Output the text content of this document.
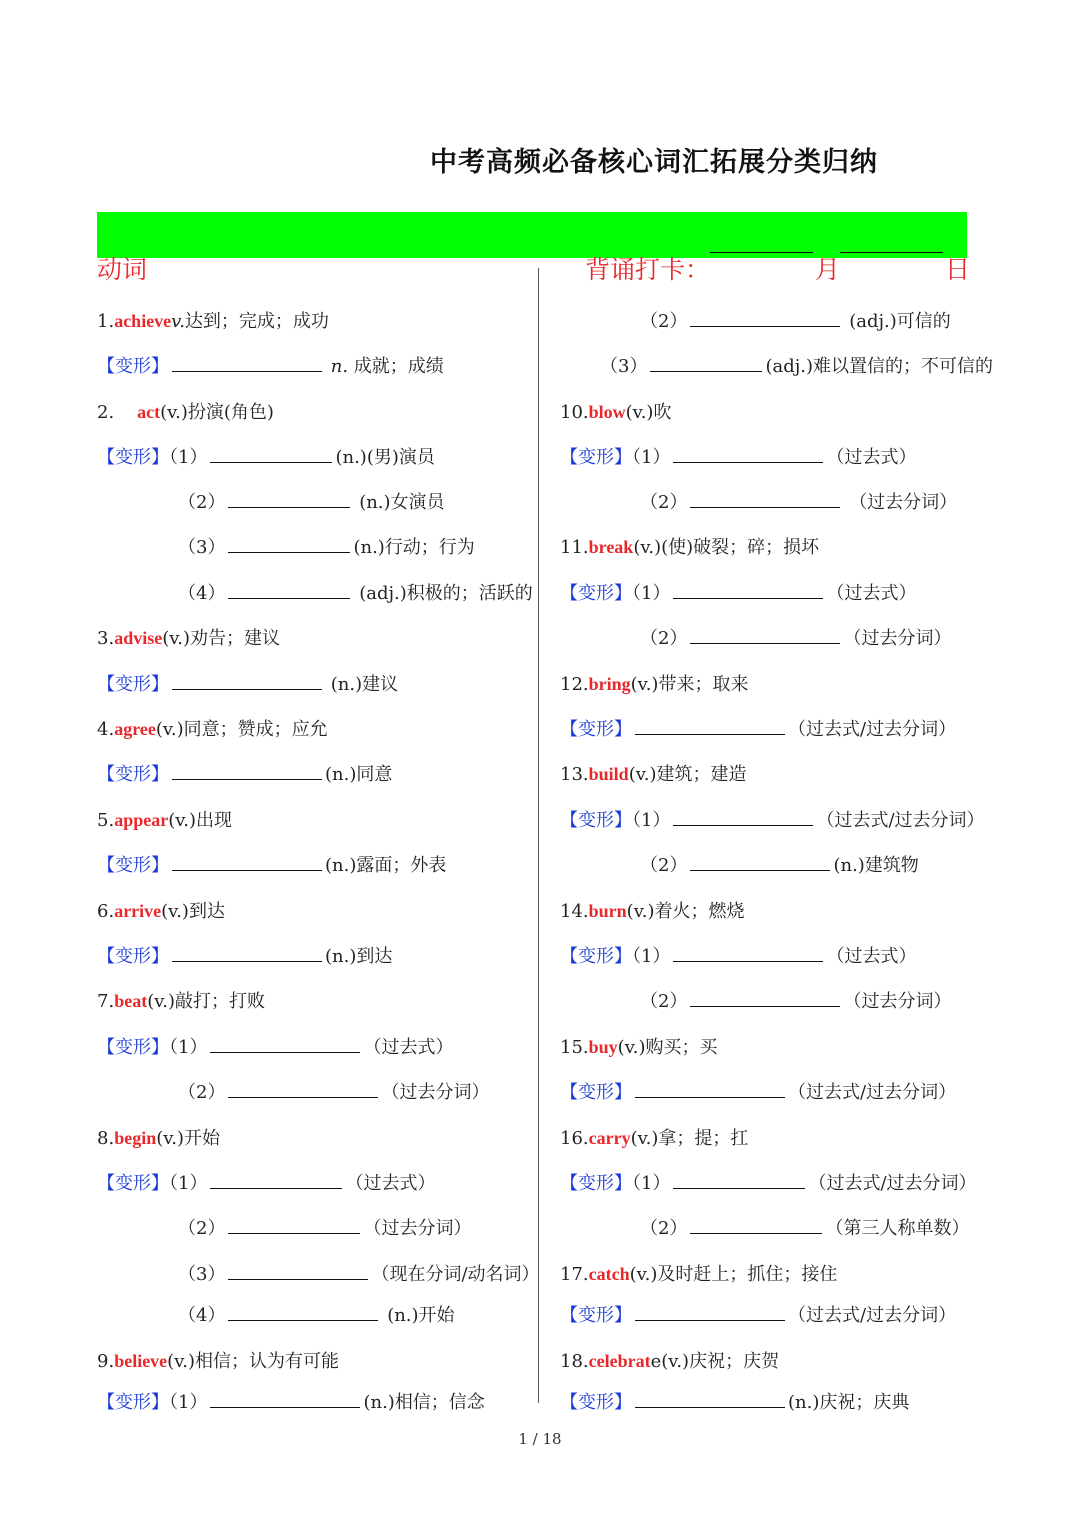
中考高频必备核心词汇拓展分类归纳
动词	背诵打卡：	月	日
1.achievev.达到；完成；成功
【变形】	n. 成就；成绩
2. act(v.)扮演(角色)
【变形】（1）	(n.)(男)演员
（2）	(n.)女演员
（3）	(n.)行动；行为
（4）	(adj.)积极的；活跃的
3.advise(v.)劝告；建议
【变形】	(n.)建议
4.agree(v.)同意；赞成；应允
【变形】	(n.)同意
5.appear(v.)出现
【变形】	(n.)露面；外表
6.arrive(v.)到达
【变形】	(n.)到达
7.beat(v.)敲打；打败
【变形】（1）	（过去式）
（2）	（过去分词）
8.begin(v.)开始
【变形】（1）	（过去式）
（2）	（过去分词）
（3）	（现在分词/动名词）
（4）	(n.)开始
9.believe(v.)相信；认为有可能
【变形】（1）	(n.)相信；信念
（2）	(adj.)可信的
（3）	(adj.)难以置信的；不可信的
10.blow(v.)吹
【变形】（1）	（过去式）
（2）	（过去分词）
11.break(v.)(使)破裂；碎；损坏
【变形】（1）	（过去式）
（2）	（过去分词）
12.bring(v.)带来；取来
【变形】	（过去式/过去分词）
13.build(v.)建筑；建造
【变形】（1）	（过去式/过去分词）
（2）	(n.)建筑物
14.burn(v.)着火；燃烧
【变形】（1）	（过去式）
（2）	（过去分词）
15.buy(v.)购买；买
【变形】	（过去式/过去分词）
16.carry(v.)拿；提；扛
【变形】（1）	（过去式/过去分词）
（2）	（第三人称单数）
17.catch(v.)及时赶上；抓住；接住
【变形】	（过去式/过去分词）
18.celebrate(v.)庆祝；庆贺
【变形】	(n.)庆祝；庆典
1 / 18
